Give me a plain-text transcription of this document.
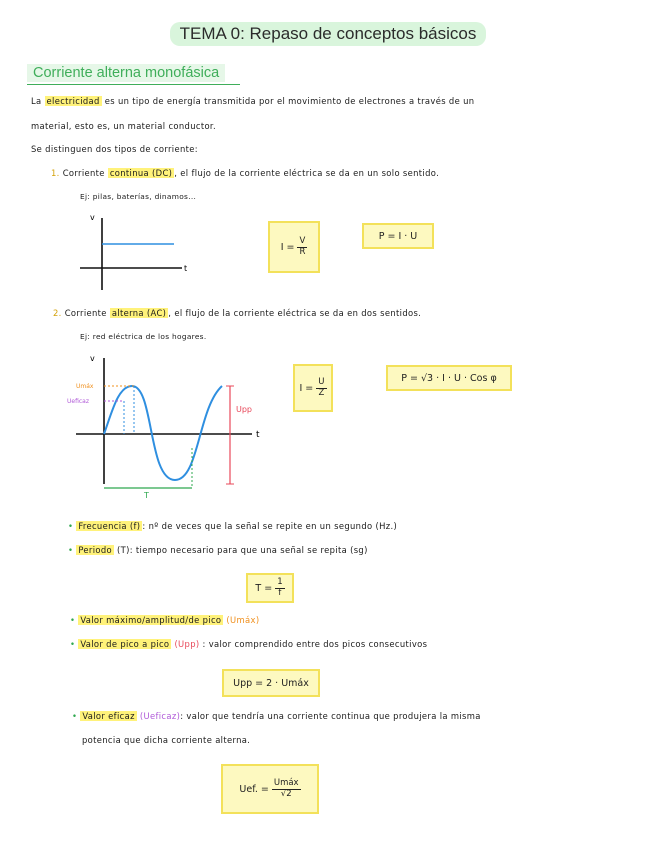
TEMA 0: Repaso de conceptos básicos
Corriente alterna monofásica
La electricidad es un tipo de energía transmitida por el movimiento de electrones a través de un
material, esto es, un material conductor.
Se distinguen dos tipos de corriente:
1. Corriente continua (DC) , el flujo de la corriente eléctrica se da en un solo sentido.
Ej: pilas, baterías, dinamos...
v
t
$I = \frac{V}{R}$
P = I · U
2. Corriente alterna (AC) , el flujo de la corriente eléctrica se da en dos sentidos.
Ej: red eléctrica de los hogares.
v
t
Umáx
Ueficaz
Upp
T
$I = \frac{U}{Z}$	P = √3 · I · U · Cos φ
• Frecuencia (f) : nº de veces que la señal se repite en un segundo (Hz.)
• Periodo (T): tiempo necesario para que una señal se repita (sg)
$T = \frac{1}{f}$
• Valor máximo/amplitud/de pico (Umáx)
• Valor de pico a pico (Upp) : valor comprendido entre dos picos consecutivos
Upp = 2 · Umáx
• Valor eficaz (Ueficaz): valor que tendría una corriente continua que produjera la misma
potencia que dicha corriente alterna.
Uef. = $\frac{\text{Umáx}}{√2}$
